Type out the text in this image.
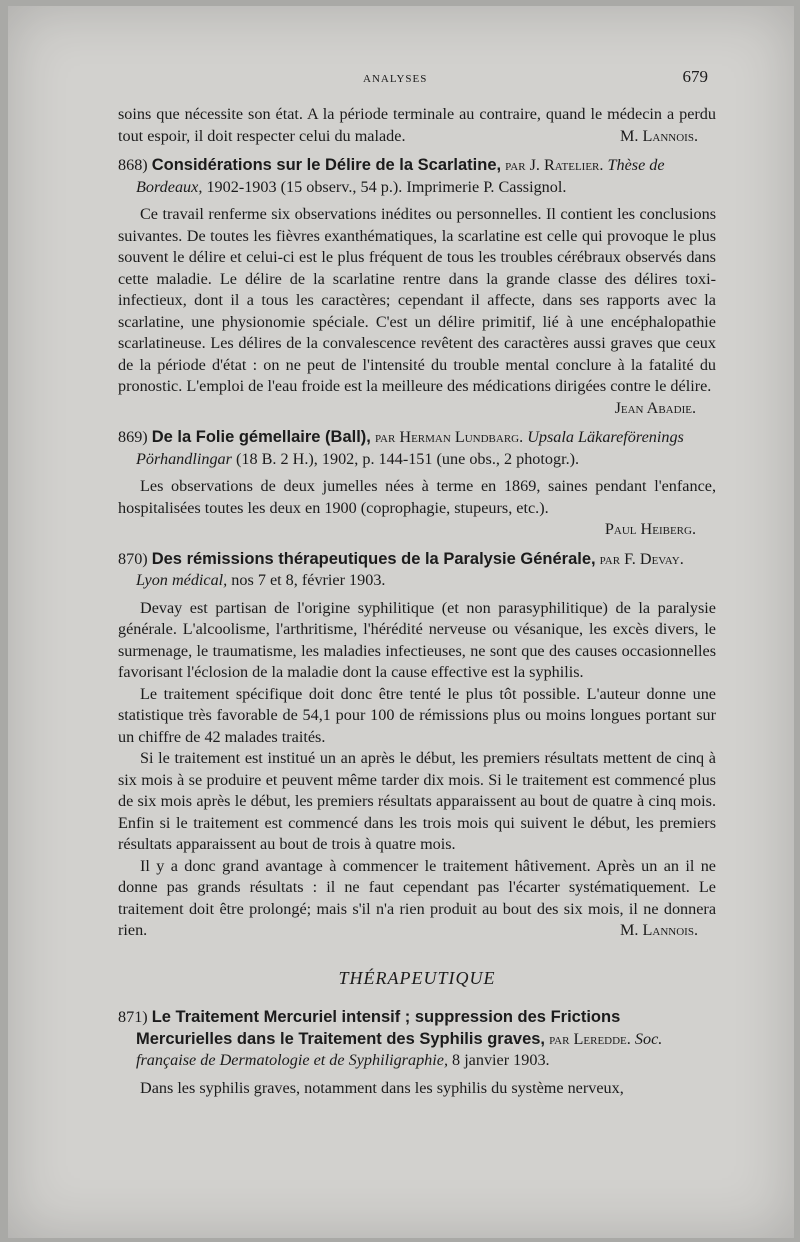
ANALYSES	679

soins que nécessite son état. A la période terminale au contraire, quand le médecin a perdu tout espoir, il doit respecter celui du malade.	M. Lannois.

868) Considérations sur le Délire de la Scarlatine, par J. Ratelier. Thèse de Bordeaux, 1902-1903 (15 observ., 54 p.). Imprimerie P. Cassignol.

Ce travail renferme six observations inédites ou personnelles. Il contient les conclusions suivantes. De toutes les fièvres exanthématiques, la scarlatine est celle qui provoque le plus souvent le délire et celui-ci est le plus fréquent de tous les troubles cérébraux observés dans cette maladie. Le délire de la scarlatine rentre dans la grande classe des délires toxi-infectieux, dont il a tous les caractères; cependant il affecte, dans ses rapports avec la scarlatine, une physionomie spéciale. C'est un délire primitif, lié à une encéphalopathie scarlatineuse. Les délires de la convalescence revêtent des caractères aussi graves que ceux de la période d'état : on ne peut de l'intensité du trouble mental conclure à la fatalité du pronostic. L'emploi de l'eau froide est la meilleure des médications dirigées contre le délire.

Jean Abadie.

869) De la Folie gémellaire (Ball), par Herman Lundbarg. Upsala Läkareförenings Pörhandlingar (18 B. 2 H.), 1902, p. 144-151 (une obs., 2 photogr.).

Les observations de deux jumelles nées à terme en 1869, saines pendant l'enfance, hospitalisées toutes les deux en 1900 (coprophagie, stupeurs, etc.).

Paul Heiberg.

870) Des rémissions thérapeutiques de la Paralysie Générale, par F. Devay. Lyon médical, nos 7 et 8, février 1903.

Devay est partisan de l'origine syphilitique (et non parasyphilitique) de la paralysie générale. L'alcoolisme, l'arthritisme, l'hérédité nerveuse ou vésanique, les excès divers, le surmenage, le traumatisme, les maladies infectieuses, ne sont que des causes occasionnelles favorisant l'éclosion de la maladie dont la cause effective est la syphilis.

Le traitement spécifique doit donc être tenté le plus tôt possible. L'auteur donne une statistique très favorable de 54,1 pour 100 de rémissions plus ou moins longues portant sur un chiffre de 42 malades traités.

Si le traitement est institué un an après le début, les premiers résultats mettent de cinq à six mois à se produire et peuvent même tarder dix mois. Si le traitement est commencé plus de six mois après le début, les premiers résultats apparaissent au bout de quatre à cinq mois. Enfin si le traitement est commencé dans les trois mois qui suivent le début, les premiers résultats apparaissent au bout de trois à quatre mois.

Il y a donc grand avantage à commencer le traitement hâtivement. Après un an il ne donne pas grands résultats : il ne faut cependant pas l'écarter systématiquement. Le traitement doit être prolongé; mais s'il n'a rien produit au bout des six mois, il ne donnera rien.	M. Lannois.

THÉRAPEUTIQUE

871) Le Traitement Mercuriel intensif ; suppression des Frictions Mercurielles dans le Traitement des Syphilis graves, par Leredde. Soc. française de Dermatologie et de Syphiligraphie, 8 janvier 1903.

Dans les syphilis graves, notamment dans les syphilis du système nerveux,
